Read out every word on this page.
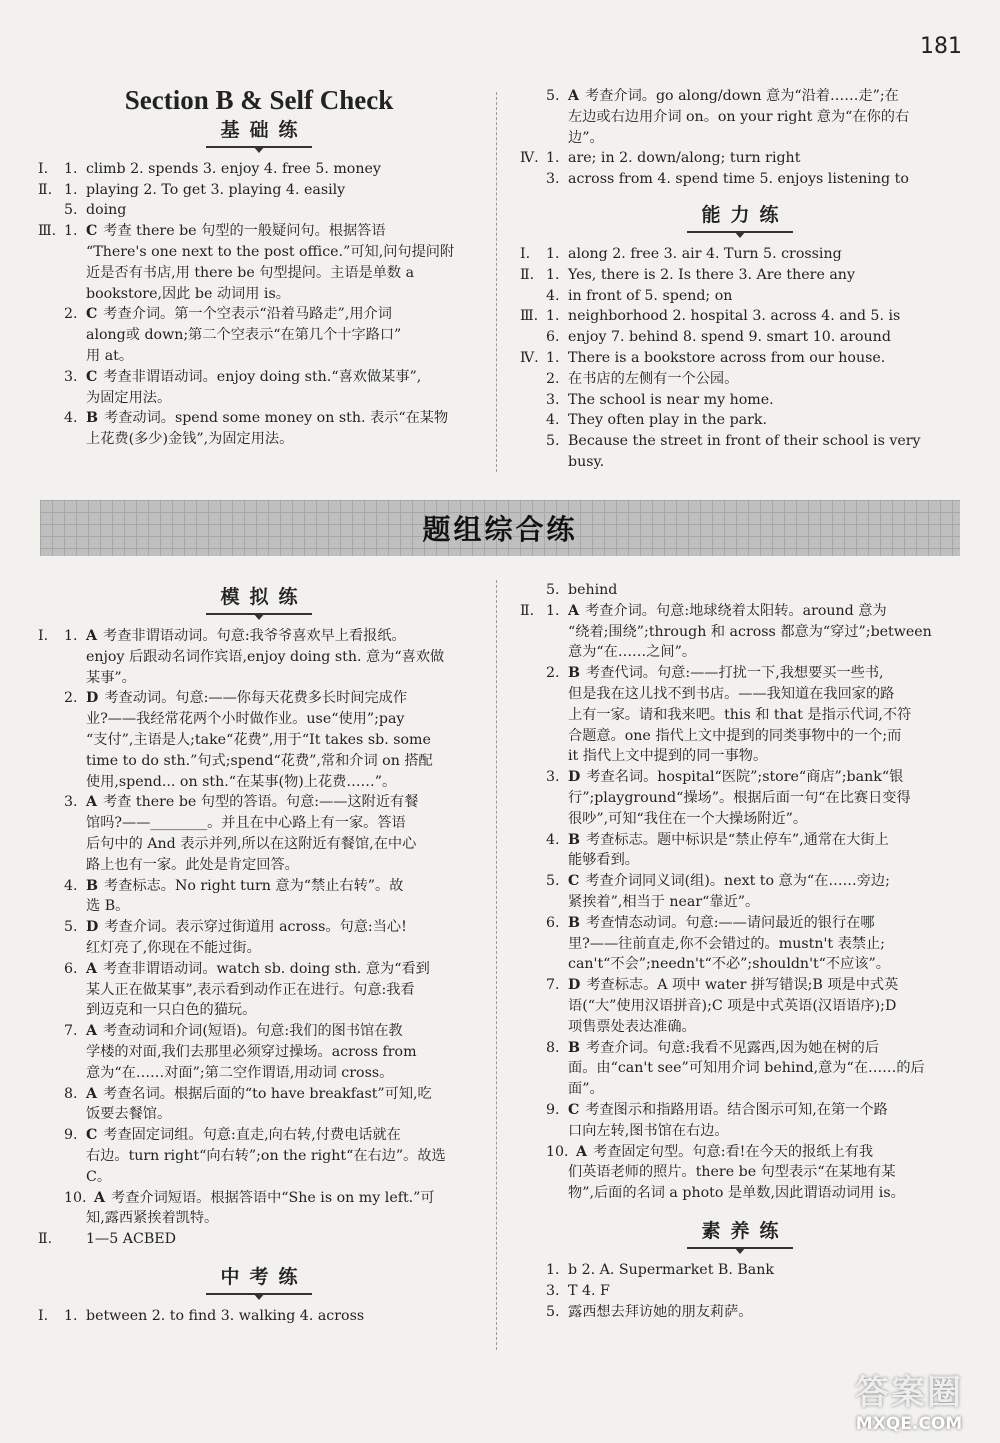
181
Section B & Self Check
基础练
Ⅰ.	1. climb 2. spends 3. enjoy 4. free 5. money
Ⅱ. 1. playing 2. To get 3. playing 4. easily
5. doing
Ⅲ. 1. C 考查 there be 句型的一般疑问句。根据答语
“There's one next to the post office.”可知,问句提问附
近是否有书店,用 there be 句型提问。主语是单数 a
bookstore,因此 be 动词用 is。
2. C 考查介词。第一个空表示“沿着马路走”,用介词
along或 down;第二个空表示“在第几个十字路口”
用 at。
3. C 考查非谓语动词。enjoy doing sth.“喜欢做某事”,
为固定用法。
4. B 考查动词。spend some money on sth. 表示“在某物
上花费(多少)金钱”,为固定用法。
5. A 考查介词。go along/down 意为“沿着……走”;在
左边或右边用介词 on。on your right 意为“在你的右
边”。
Ⅳ. 1. are; in 2. down/along; turn right
3. across from 4. spend time 5. enjoys listening to
能力练
Ⅰ.	1. along 2. free 3. air 4. Turn 5. crossing
Ⅱ. 1. Yes, there is 2. Is there 3. Are there any
4. in front of 5. spend; on
Ⅲ. 1. neighborhood 2. hospital 3. across 4. and 5. is
6. enjoy 7. behind 8. spend 9. smart 10. around
Ⅳ. 1. There is a bookstore across from our house.
2. 在书店的左侧有一个公园。
3. The school is near my home.
4. They often play in the park.
5. Because the street in front of their school is very busy.
题组综合练
模拟练
Ⅰ.	1. A 考查非谓语动词。句意:我爷爷喜欢早上看报纸。
enjoy 后跟动名词作宾语,enjoy doing sth. 意为“喜欢做
某事”。
2. D 考查动词。句意:——你每天花费多长时间完成作
业?——我经常花两个小时做作业。use“使用”;pay
“支付”,主语是人;take“花费”,用于“It takes sb. some
time to do sth.”句式;spend“花费”,常和介词 on 搭配
使用,spend... on sth.“在某事(物)上花费……”。
3. A 考查 there be 句型的答语。句意:——这附近有餐
馆吗?——________。并且在中心路上有一家。答语
后句中的 And 表示并列,所以在这附近有餐馆,在中心
路上也有一家。此处是肯定回答。
4. B 考查标志。No right turn 意为“禁止右转”。故
选 B。
5. D 考查介词。表示穿过街道用 across。句意:当心!
红灯亮了,你现在不能过街。
6. A 考查非谓语动词。watch sb. doing sth. 意为“看到
某人正在做某事”,表示看到动作正在进行。句意:我看
到迈克和一只白色的猫玩。
7. A 考查动词和介词(短语)。句意:我们的图书馆在教
学楼的对面,我们去那里必须穿过操场。across from
意为“在……对面”;第二空作谓语,用动词 cross。
8. A 考查名词。根据后面的“to have breakfast”可知,吃
饭要去餐馆。
9. C 考查固定词组。句意:直走,向右转,付费电话就在
右边。turn right“向右转”;on the right“在右边”。故选
C。
10. A 考查介词短语。根据答语中“She is on my left.”可
知,露西紧挨着凯特。
Ⅱ.	1—5 ACBED
中考练
Ⅰ.	1. between 2. to find 3. walking 4. across
5. behind
Ⅱ. 1. A 考查介词。句意:地球绕着太阳转。around 意为
“绕着;围绕”;through 和 across 都意为“穿过”;between
意为“在……之间”。
2. B 考查代词。句意:——打扰一下,我想要买一些书,
但是我在这儿找不到书店。——我知道在我回家的路
上有一家。请和我来吧。this 和 that 是指示代词,不符
合题意。one 指代上文中提到的同类事物中的一个;而
it 指代上文中提到的同一事物。
3. D 考查名词。hospital“医院”;store“商店”;bank“银
行”;playground“操场”。根据后面一句“在比赛日变得
很吵”,可知“我住在一个大操场附近”。
4. B 考查标志。题中标识是“禁止停车”,通常在大街上
能够看到。
5. C 考查介词同义词(组)。next to 意为“在……旁边;
紧挨着”,相当于 near“靠近”。
6. B 考查情态动词。句意:——请问最近的银行在哪
里?——往前直走,你不会错过的。mustn't 表禁止;
can't“不会”;needn't“不必”;shouldn't“不应该”。
7. D 考查标志。A 项中 water 拼写错误;B 项是中式英
语(“大”使用汉语拼音);C 项是中式英语(汉语语序);D
项售票处表达准确。
8. B 考查介词。句意:我看不见露西,因为她在树的后
面。由“can't see”可知用介词 behind,意为“在……的后
面”。
9. C 考查图示和指路用语。结合图示可知,在第一个路
口向左转,图书馆在右边。
10. A 考查固定句型。句意:看!在今天的报纸上有我
们英语老师的照片。there be 句型表示“在某地有某
物”,后面的名词 a photo 是单数,因此谓语动词用 is。
素养练
1. b 2. A. Supermarket B. Bank
3. T 4. F
5. 露西想去拜访她的朋友莉萨。
答案圈
MXQE.COM
